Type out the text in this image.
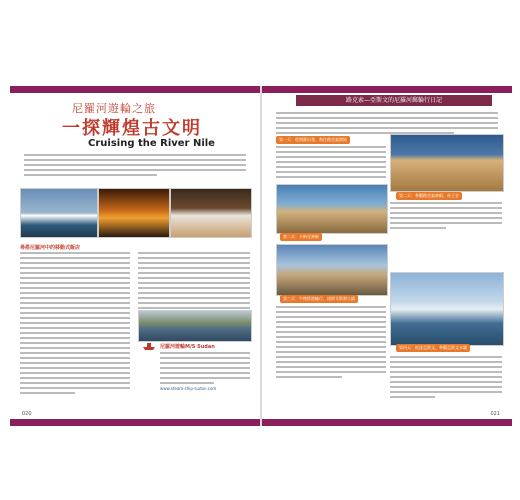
尼羅河遊輪之旅
一探輝煌古文明
Cruising the River Nile
尋搭尼羅河中的移動式飯店
尼羅河遊輪M/S Sudan
www.steam-ship-sudan.com
020
路克索—亞斯文的尼羅河郵輪行日記
第一天：從開羅出發，飛往路克索開始
第二天：參觀路克索神殿、帝王谷
第二天：卡納克神殿
第三天：午後搭遊輪行，途經艾斯那小鎮
第四天：抵達亞斯文，參觀亞斯文水壩
021
